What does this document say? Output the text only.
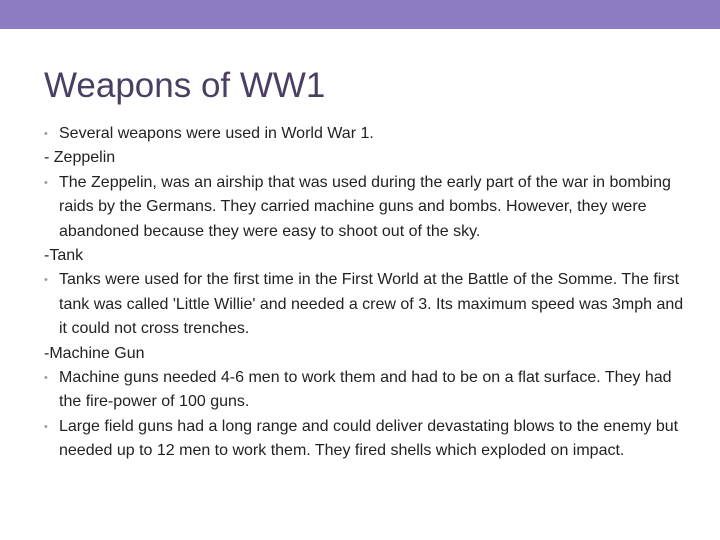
Weapons of WW1
• Several weapons were used in World War 1.
- Zeppelin
• The Zeppelin, was an airship that was used during the early part of the war in bombing raids by the Germans. They carried machine guns and bombs. However, they were abandoned because they were easy to shoot out of the sky.
-Tank
• Tanks were used for the first time in the First World at the Battle of the Somme. The first tank was called 'Little Willie' and needed a crew of 3. Its maximum speed was 3mph and it could not cross trenches.
-Machine Gun
• Machine guns needed 4-6 men to work them and had to be on a flat surface. They had the fire-power of 100 guns.
• Large field guns had a long range and could deliver devastating blows to the enemy but needed up to 12 men to work them. They fired shells which exploded on impact.
